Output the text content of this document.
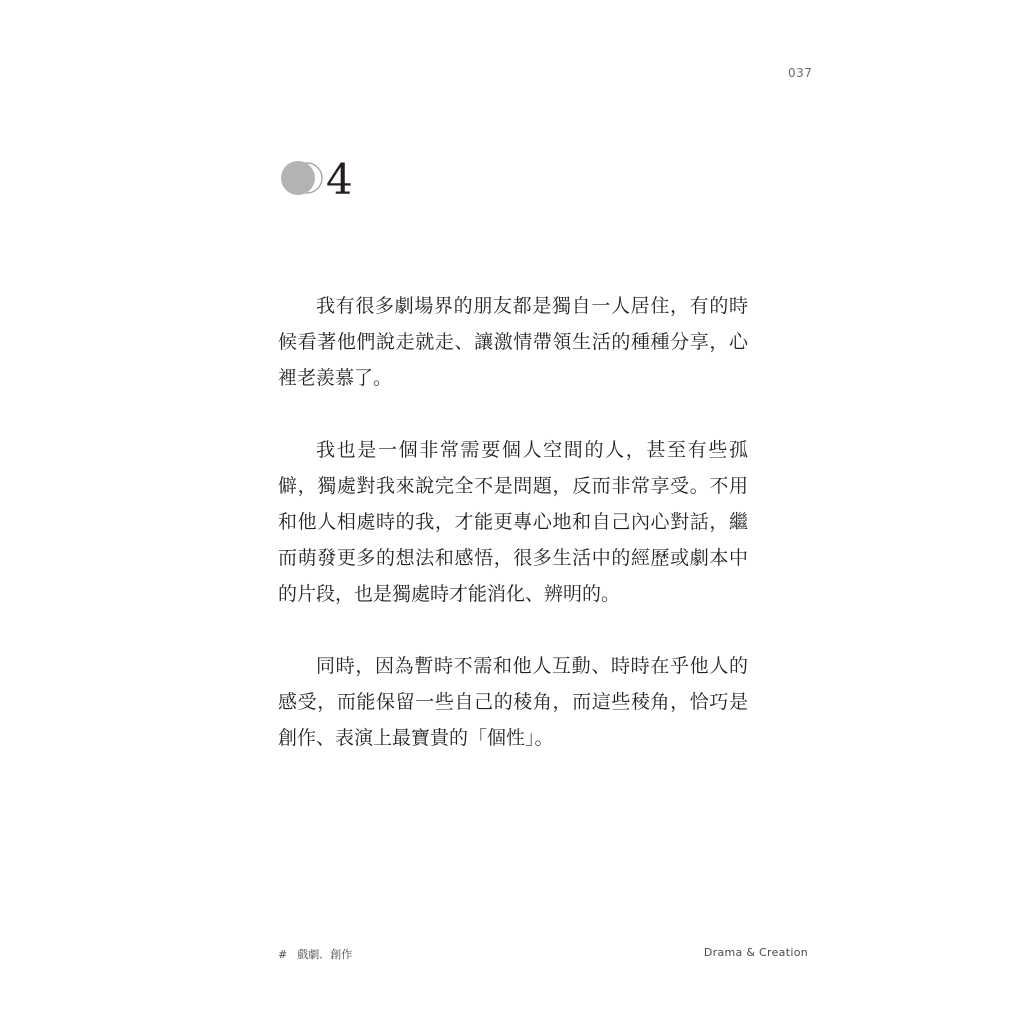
037
4

我有很多劇場界的朋友都是獨自一人居住，有的時候看著他們說走就走、讓激情帶領生活的種種分享，心裡老羨慕了。

我也是一個非常需要個人空間的人，甚至有些孤僻，獨處對我來說完全不是問題，反而非常享受。不用和他人相處時的我，才能更專心地和自己內心對話，繼而萌發更多的想法和感悟，很多生活中的經歷或劇本中的片段，也是獨處時才能消化、辨明的。

同時，因為暫時不需和他人互動、時時在乎他人的感受，而能保留一些自己的稜角，而這些稜角，恰巧是創作、表演上最寶貴的「個性」。

# 戲劇．創作	Drama & Creation
